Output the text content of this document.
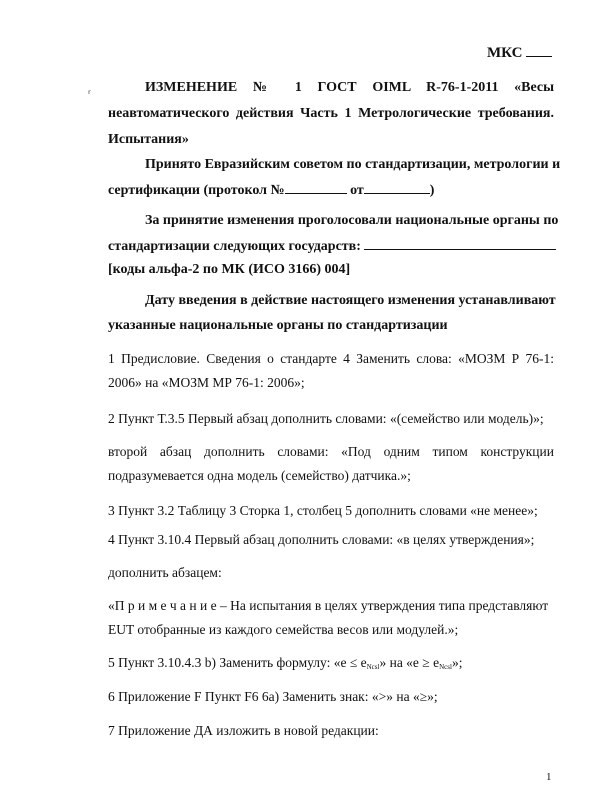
МКС
ᵣ	ИЗМЕНЕНИЕ № 1 ГОСТ OIML R-76-1-2011 «Весы
неавтоматического действия Часть 1 Метрологические требования.
Испытания»
Принято Евразийским советом по стандартизации, метрологии и
сертификации (протокол №	от	)
За принятие изменения проголосовали национальные органы по
стандартизации следующих государств:
[коды альфа-2 по МК (ИСО 3166) 004]
Дату введения в действие настоящего изменения устанавливают
указанные национальные органы по стандартизации
1 Предисловие. Сведения о стандарте 4 Заменить слова: «МОЗМ Р 76-1:
2006» на «МОЗМ МР 76-1: 2006»;
2 Пункт Т.3.5 Первый абзац дополнить словами: «(семейство или модель)»;
второй абзац дополнить словами: «Под одним типом конструкции
подразумевается одна модель (семейство) датчика.»;
3 Пункт 3.2 Таблицу 3 Сторка 1, столбец 5 дополнить словами «не менее»;
4 Пункт 3.10.4 Первый абзац дополнить словами: «в целях утверждения»;
дополнить абзацем:
«П р и м е ч а н и е – На испытания в целях утверждения типа представляют
EUT отобранные из каждого семейства весов или модулей.»;
5 Пункт 3.10.4.3 b) Заменить формулу: «$e \le e_{Ncsl}$» на «$e \ge e_{Ncsl}$»;
6 Приложение F Пункт F6 6а) Заменить знак: «>» на «≥»;
7 Приложение ДА изложить в новой редакции:
1
